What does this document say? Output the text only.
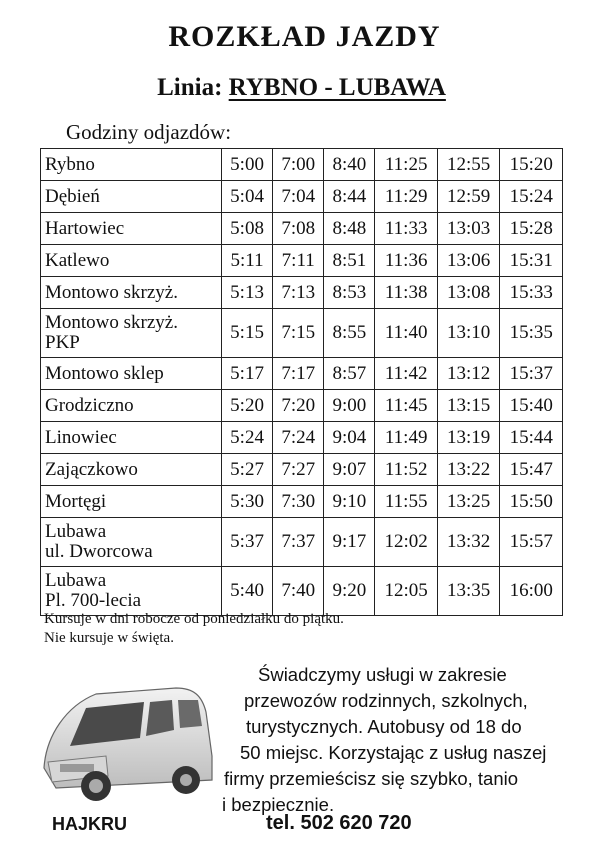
ROZKŁAD JAZDY
Linia: RYBNO - LUBAWA
Godziny odjazdów:
Rybno	5:00	7:00	8:40	11:25	12:55	15:20

Dębień	5:04	7:04	8:44	11:29	12:59	15:24

Hartowiec	5:08	7:08	8:48	11:33	13:03	15:28

Katlewo	5:11	7:11	8:51	11:36	13:06	15:31

Montowo skrzyż.	5:13	7:13	8:53	11:38	13:08	15:33

Montowo skrzyż.
PKP	5:15	7:15	8:55	11:40	13:10	15:35

Montowo sklep	5:17	7:17	8:57	11:42	13:12	15:37

Grodziczno	5:20	7:20	9:00	11:45	13:15	15:40

Linowiec	5:24	7:24	9:04	11:49	13:19	15:44

Zajączkowo	5:27	7:27	9:07	11:52	13:22	15:47

Mortęgi	5:30	7:30	9:10	11:55	13:25	15:50

Lubawa
ul. Dworcowa	5:37	7:37	9:17	12:02	13:32	15:57

Lubawa
Pl. 700-lecia	5:40	7:40	9:20	12:05	13:35	16:00
Kursuje w dni robocze od poniedziałku do piątku.
Nie kursuje w święta.
Świadczymy usługi w zakresie
przewozów rodzinnych, szkolnych,
turystycznych. Autobusy od 18 do
50 miejsc. Korzystając z usług naszej
firmy przemieścisz się szybko, tanio
i bezpiecznie.
HAJKRU	tel. 502 620 720
